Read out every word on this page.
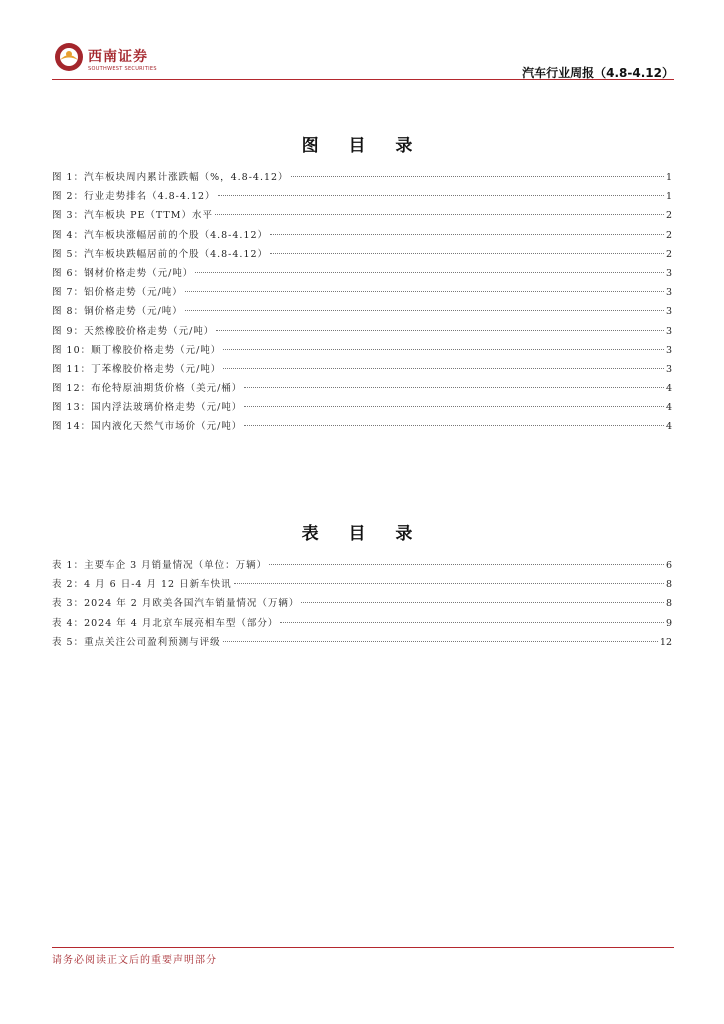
西南证券
SOUTHWEST SECURITIES	汽车行业周报（4.8-4.12）
图 目 录
图 1：汽车板块周内累计涨跌幅（%，4.8-4.12）	1
图 2：行业走势排名（4.8-4.12）	1
图 3：汽车板块 PE（TTM）水平	2
图 4：汽车板块涨幅居前的个股（4.8-4.12）	2
图 5：汽车板块跌幅居前的个股（4.8-4.12）	2
图 6：钢材价格走势（元/吨）	3
图 7：铝价格走势（元/吨）	3
图 8：铜价格走势（元/吨）	3
图 9：天然橡胶价格走势（元/吨）	3
图 10：顺丁橡胶价格走势（元/吨）	3
图 11：丁苯橡胶价格走势（元/吨）	3
图 12：布伦特原油期货价格（美元/桶）	4
图 13：国内浮法玻璃价格走势（元/吨）	4
图 14：国内液化天然气市场价（元/吨）	4
表 目 录
表 1：主要车企 3 月销量情况（单位：万辆）	6
表 2：4 月 6 日-4 月 12 日新车快讯	8
表 3：2024 年 2 月欧美各国汽车销量情况（万辆）	8
表 4：2024 年 4 月北京车展亮相车型（部分）	9
表 5：重点关注公司盈利预测与评级	12
请务必阅读正文后的重要声明部分
